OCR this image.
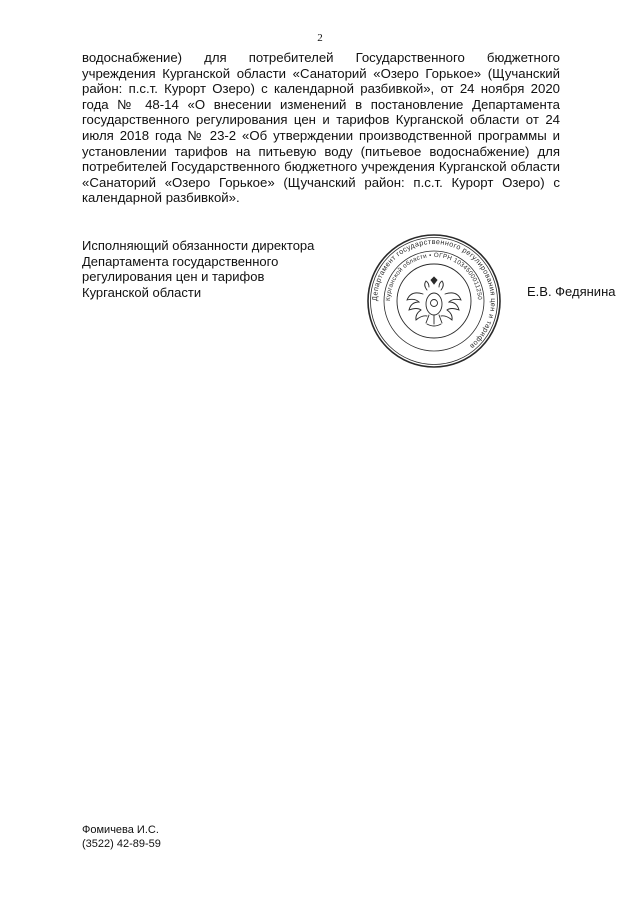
2

водоснабжение) для потребителей Государственного бюджетного учреждения Курганской области «Санаторий «Озеро Горькое» (Щучанский район: п.с.т. Курорт Озеро) с календарной разбивкой», от 24 ноября 2020 года № 48-14 «О внесении изменений в постановление Департамента государственного регулирования цен и тарифов Курганской области от 24 июля 2018 года № 23-2 «Об утверждении производственной программы и установлении тарифов на питьевую воду (питьевое водоснабжение) для потребителей Государственного бюджетного учреждения Курганской области «Санаторий «Озеро Горькое» (Щучанский район: п.с.т. Курорт Озеро) с календарной разбивкой».

Исполняющий обязанности директора
Департамента государственного
регулирования цен и тарифов
Курганской области	Департамент государственного регулирования цен и тарифов
Курганской области • ОГРН 1034500011250	Е.В. Федянина
Фомичева И.С.
(3522) 42-89-59
